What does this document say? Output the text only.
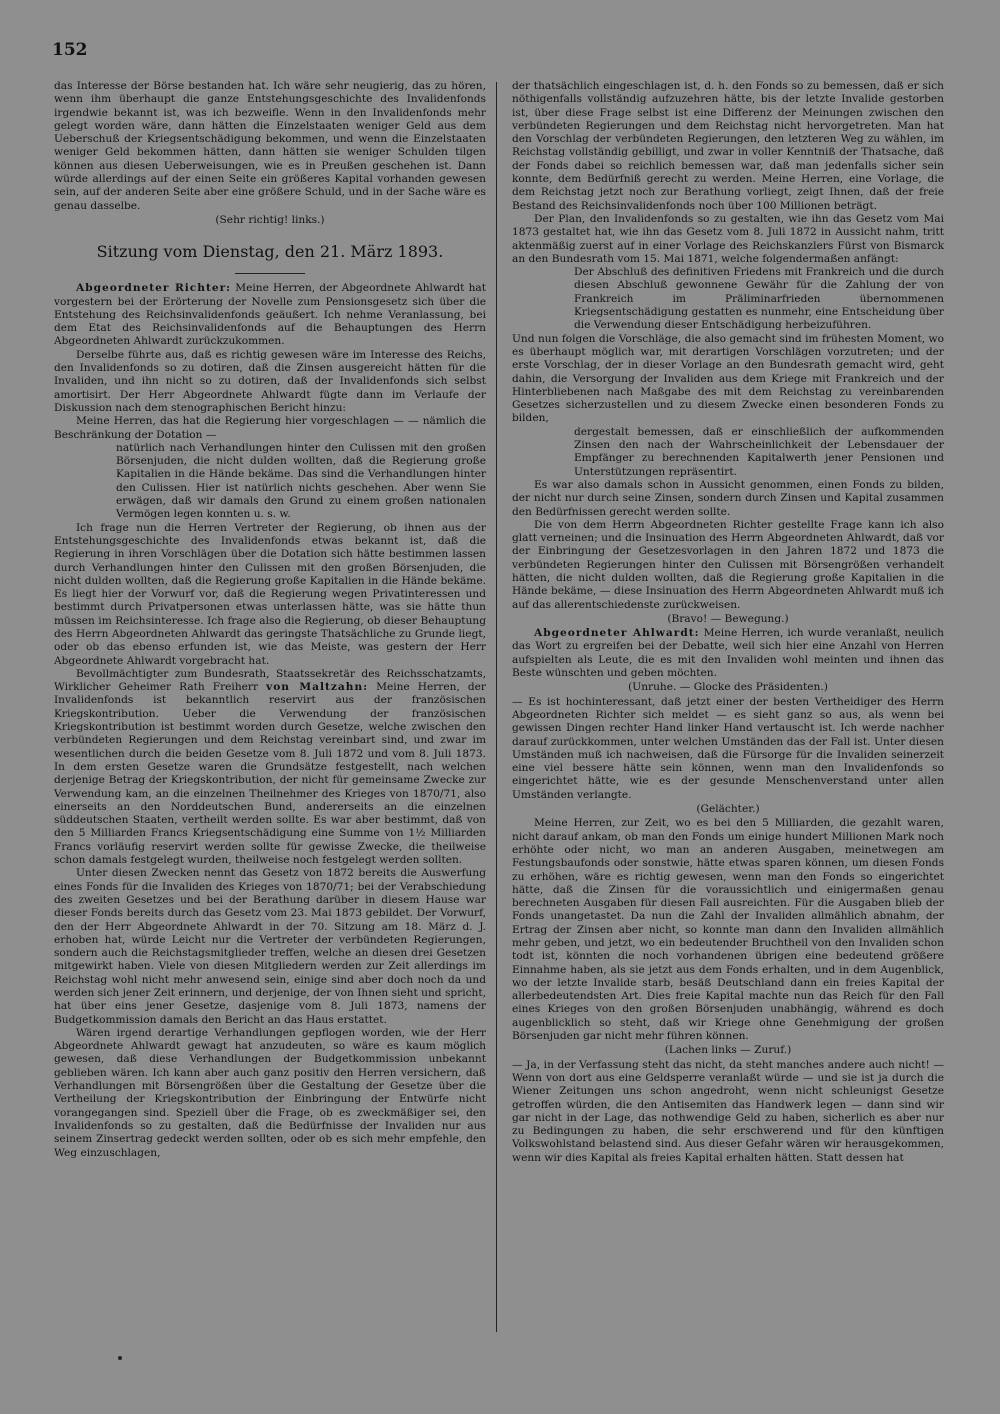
152

das Interesse der Börse bestanden hat. Ich wäre sehr neugierig, das zu hören, wenn ihm überhaupt die ganze Entstehungsgeschichte des Invalidenfonds irgendwie bekannt ist, was ich bezweifle. Wenn in den Invalidenfonds mehr gelegt worden wäre, dann hätten die Einzelstaaten weniger Geld aus dem Ueberschuß der Kriegsentschädigung bekommen, und wenn die Einzelstaaten weniger Geld bekommen hätten, dann hätten sie weniger Schulden tilgen können aus diesen Ueberweisungen, wie es in Preußen geschehen ist. Dann würde allerdings auf der einen Seite ein größeres Kapital vorhanden gewesen sein, auf der anderen Seite aber eine größere Schuld, und in der Sache wäre es genau dasselbe.

(Sehr richtig! links.)

Sitzung vom Dienstag, den 21. März 1893.

Abgeordneter Richter: Meine Herren, der Abgeordnete Ahlwardt hat vorgestern bei der Erörterung der Novelle zum Pensionsgesetz sich über die Entstehung des Reichsinvalidenfonds geäußert. Ich nehme Veranlassung, bei dem Etat des Reichsinvalidenfonds auf die Behauptungen des Herrn Abgeordneten Ahlwardt zurückzukommen.

Derselbe führte aus, daß es richtig gewesen wäre im Interesse des Reichs, den Invalidenfonds so zu dotiren, daß die Zinsen ausgereicht hätten für die Invaliden, und ihn nicht so zu dotiren, daß der Invalidenfonds sich selbst amortisirt. Der Herr Abgeordnete Ahlwardt fügte dann im Verlaufe der Diskussion nach dem stenographischen Bericht hinzu:

Meine Herren, das hat die Regierung hier vorgeschlagen — — nämlich die Beschränkung der Dotation —

natürlich nach Verhandlungen hinter den Culissen mit den großen Börsenjuden, die nicht dulden wollten, daß die Regierung große Kapitalien in die Hände bekäme. Das sind die Verhandlungen hinter den Culissen. Hier ist natürlich nichts geschehen. Aber wenn Sie erwägen, daß wir damals den Grund zu einem großen nationalen Vermögen legen konnten u. s. w.

Ich frage nun die Herren Vertreter der Regierung, ob ihnen aus der Entstehungsgeschichte des Invalidenfonds etwas bekannt ist, daß die Regierung in ihren Vorschlägen über die Dotation sich hätte bestimmen lassen durch Verhandlungen hinter den Culissen mit den großen Börsenjuden, die nicht dulden wollten, daß die Regierung große Kapitalien in die Hände bekäme. Es liegt hier der Vorwurf vor, daß die Regierung wegen Privatinteressen und bestimmt durch Privatpersonen etwas unterlassen hätte, was sie hätte thun müssen im Reichsinteresse. Ich frage also die Regierung, ob dieser Behauptung des Herrn Abgeordneten Ahlwardt das geringste Thatsächliche zu Grunde liegt, oder ob das ebenso erfunden ist, wie das Meiste, was gestern der Herr Abgeordnete Ahlwardt vorgebracht hat.

Bevollmächtigter zum Bundesrath, Staatssekretär des Reichsschatzamts, Wirklicher Geheimer Rath Freiherr von Maltzahn: Meine Herren, der Invalidenfonds ist bekanntlich reservirt aus der französischen Kriegskontribution. Ueber die Verwendung der französischen Kriegskontribution ist bestimmt worden durch Gesetze, welche zwischen den verbündeten Regierungen und dem Reichstag vereinbart sind, und zwar im wesentlichen durch die beiden Gesetze vom 8. Juli 1872 und vom 8. Juli 1873. In dem ersten Gesetze waren die Grundsätze festgestellt, nach welchen derjenige Betrag der Kriegskontribution, der nicht für gemeinsame Zwecke zur Verwendung kam, an die einzelnen Theilnehmer des Krieges von 1870/71, also einerseits an den Norddeutschen Bund, andererseits an die einzelnen süddeutschen Staaten, vertheilt werden sollte. Es war aber bestimmt, daß von den 5 Milliarden Francs Kriegsentschädigung eine Summe von 1½ Milliarden Francs vorläufig reservirt werden sollte für gewisse Zwecke, die theilweise schon damals festgelegt wurden, theilweise noch festgelegt werden sollten.

Unter diesen Zwecken nennt das Gesetz von 1872 bereits die Auswerfung eines Fonds für die Invaliden des Krieges von 1870/71; bei der Verabschiedung des zweiten Gesetzes und bei der Berathung darüber in diesem Hause war dieser Fonds bereits durch das Gesetz vom 23. Mai 1873 gebildet. Der Vorwurf, den der Herr Abgeordnete Ahlwardt in der 70. Sitzung am 18. März d. J. erhoben hat, würde Leicht nur die Vertreter der verbündeten Regierungen, sondern auch die Reichstagsmitglieder treffen, welche an diesen drei Gesetzen mitgewirkt haben. Viele von diesen Mitgliedern werden zur Zeit allerdings im Reichstag wohl nicht mehr anwesend sein, einige sind aber doch noch da und werden sich jener Zeit erinnern, und derjenige, der von Ihnen sieht und spricht, hat über eins jener Gesetze, dasjenige vom 8. Juli 1873, namens der Budgetkommission damals den Bericht an das Haus erstattet.

Wären irgend derartige Verhandlungen gepflogen worden, wie der Herr Abgeordnete Ahlwardt gewagt hat anzudeuten, so wäre es kaum möglich gewesen, daß diese Verhandlungen der Budgetkommission unbekannt geblieben wären. Ich kann aber auch ganz positiv den Herren versichern, daß Verhandlungen mit Börsengrößen über die Gestaltung der Gesetze über die Vertheilung der Kriegskontribution der Einbringung der Entwürfe nicht vorangegangen sind. Speziell über die Frage, ob es zweckmäßiger sei, den Invalidenfonds so zu gestalten, daß die Bedürfnisse der Invaliden nur aus seinem Zinsertrag gedeckt werden sollten, oder ob es sich mehr empfehle, den Weg einzuschlagen,

der thatsächlich eingeschlagen ist, d. h. den Fonds so zu bemessen, daß er sich nöthigenfalls vollständig aufzuzehren hätte, bis der letzte Invalide gestorben ist, über diese Frage selbst ist eine Differenz der Meinungen zwischen den verbündeten Regierungen und dem Reichstag nicht hervorgetreten. Man hat den Vorschlag der verbündeten Regierungen, den letzteren Weg zu wählen, im Reichstag vollständig gebilligt, und zwar in voller Kenntniß der Thatsache, daß der Fonds dabei so reichlich bemessen war, daß man jedenfalls sicher sein konnte, dem Bedürfniß gerecht zu werden. Meine Herren, eine Vorlage, die dem Reichstag jetzt noch zur Berathung vorliegt, zeigt Ihnen, daß der freie Bestand des Reichsinvalidenfonds noch über 100 Millionen beträgt.

Der Plan, den Invalidenfonds so zu gestalten, wie ihn das Gesetz vom Mai 1873 gestaltet hat, wie ihn das Gesetz vom 8. Juli 1872 in Aussicht nahm, tritt aktenmäßig zuerst auf in einer Vorlage des Reichskanzlers Fürst von Bismarck an den Bundesrath vom 15. Mai 1871, welche folgendermaßen anfängt:

Der Abschluß des definitiven Friedens mit Frankreich und die durch diesen Abschluß gewonnene Gewähr für die Zahlung der von Frankreich im Präliminarfrieden übernommenen Kriegsentschädigung gestatten es nunmehr, eine Entscheidung über die Verwendung dieser Entschädigung herbeizuführen.

Und nun folgen die Vorschläge, die also gemacht sind im frühesten Moment, wo es überhaupt möglich war, mit derartigen Vorschlägen vorzutreten; und der erste Vorschlag, der in dieser Vorlage an den Bundesrath gemacht wird, geht dahin, die Versorgung der Invaliden aus dem Kriege mit Frankreich und der Hinterbliebenen nach Maßgabe des mit dem Reichstag zu vereinbarenden Gesetzes sicherzustellen und zu diesem Zwecke einen besonderen Fonds zu bilden,

dergestalt bemessen, daß er einschließlich der aufkommenden Zinsen den nach der Wahrscheinlichkeit der Lebensdauer der Empfänger zu berechnenden Kapitalwerth jener Pensionen und Unterstützungen repräsentirt.

Es war also damals schon in Aussicht genommen, einen Fonds zu bilden, der nicht nur durch seine Zinsen, sondern durch Zinsen und Kapital zusammen den Bedürfnissen gerecht werden sollte.

Die von dem Herrn Abgeordneten Richter gestellte Frage kann ich also glatt verneinen; und die Insinuation des Herrn Abgeordneten Ahlwardt, daß vor der Einbringung der Gesetzesvorlagen in den Jahren 1872 und 1873 die verbündeten Regierungen hinter den Culissen mit Börsengrößen verhandelt hätten, die nicht dulden wollten, daß die Regierung große Kapitalien in die Hände bekäme, — diese Insinuation des Herrn Abgeordneten Ahlwardt muß ich auf das allerentschiedenste zurückweisen.

(Bravo! — Bewegung.)

Abgeordneter Ahlwardt: Meine Herren, ich wurde veranlaßt, neulich das Wort zu ergreifen bei der Debatte, weil sich hier eine Anzahl von Herren aufspielten als Leute, die es mit den Invaliden wohl meinten und ihnen das Beste wünschten und geben möchten.

(Unruhe. — Glocke des Präsidenten.)

— Es ist hochinteressant, daß jetzt einer der besten Vertheidiger des Herrn Abgeordneten Richter sich meldet — es sieht ganz so aus, als wenn bei gewissen Dingen rechter Hand linker Hand vertauscht ist. Ich werde nachher darauf zurückkommen, unter welchen Umständen das der Fall ist. Unter diesen Umständen muß ich nachweisen, daß die Fürsorge für die Invaliden seinerzeit eine viel bessere hätte sein können, wenn man den Invalidenfonds so eingerichtet hätte, wie es der gesunde Menschenverstand unter allen Umständen verlangte.

(Gelächter.)

Meine Herren, zur Zeit, wo es bei den 5 Milliarden, die gezahlt waren, nicht darauf ankam, ob man den Fonds um einige hundert Millionen Mark noch erhöhte oder nicht, wo man an anderen Ausgaben, meinetwegen am Festungsbaufonds oder sonstwie, hätte etwas sparen können, um diesen Fonds zu erhöhen, wäre es richtig gewesen, wenn man den Fonds so eingerichtet hätte, daß die Zinsen für die voraussichtlich und einigermaßen genau berechneten Ausgaben für diesen Fall ausreichten. Für die Ausgaben blieb der Fonds unangetastet. Da nun die Zahl der Invaliden allmählich abnahm, der Ertrag der Zinsen aber nicht, so konnte man dann den Invaliden allmählich mehr geben, und jetzt, wo ein bedeutender Bruchtheil von den Invaliden schon todt ist, könnten die noch vorhandenen übrigen eine bedeutend größere Einnahme haben, als sie jetzt aus dem Fonds erhalten, und in dem Augenblick, wo der letzte Invalide starb, besäß Deutschland dann ein freies Kapital der allerbedeutendsten Art. Dies freie Kapital machte nun das Reich für den Fall eines Krieges von den großen Börsenjuden unabhängig, während es doch augenblicklich so steht, daß wir Kriege ohne Genehmigung der großen Börsenjuden gar nicht mehr führen können.

(Lachen links — Zuruf.)

— Ja, in der Verfassung steht das nicht, da steht manches andere auch nicht! — Wenn von dort aus eine Geldsperre veranlaßt würde — und sie ist ja durch die Wiener Zeitungen uns schon angedroht, wenn nicht schleunigst Gesetze getroffen würden, die den Antisemiten das Handwerk legen — dann sind wir gar nicht in der Lage, das nothwendige Geld zu haben, sicherlich es aber nur zu Bedingungen zu haben, die sehr erschwerend und für den künftigen Volkswohlstand belastend sind. Aus dieser Gefahr wären wir herausgekommen, wenn wir dies Kapital als freies Kapital erhalten hätten. Statt dessen hat
